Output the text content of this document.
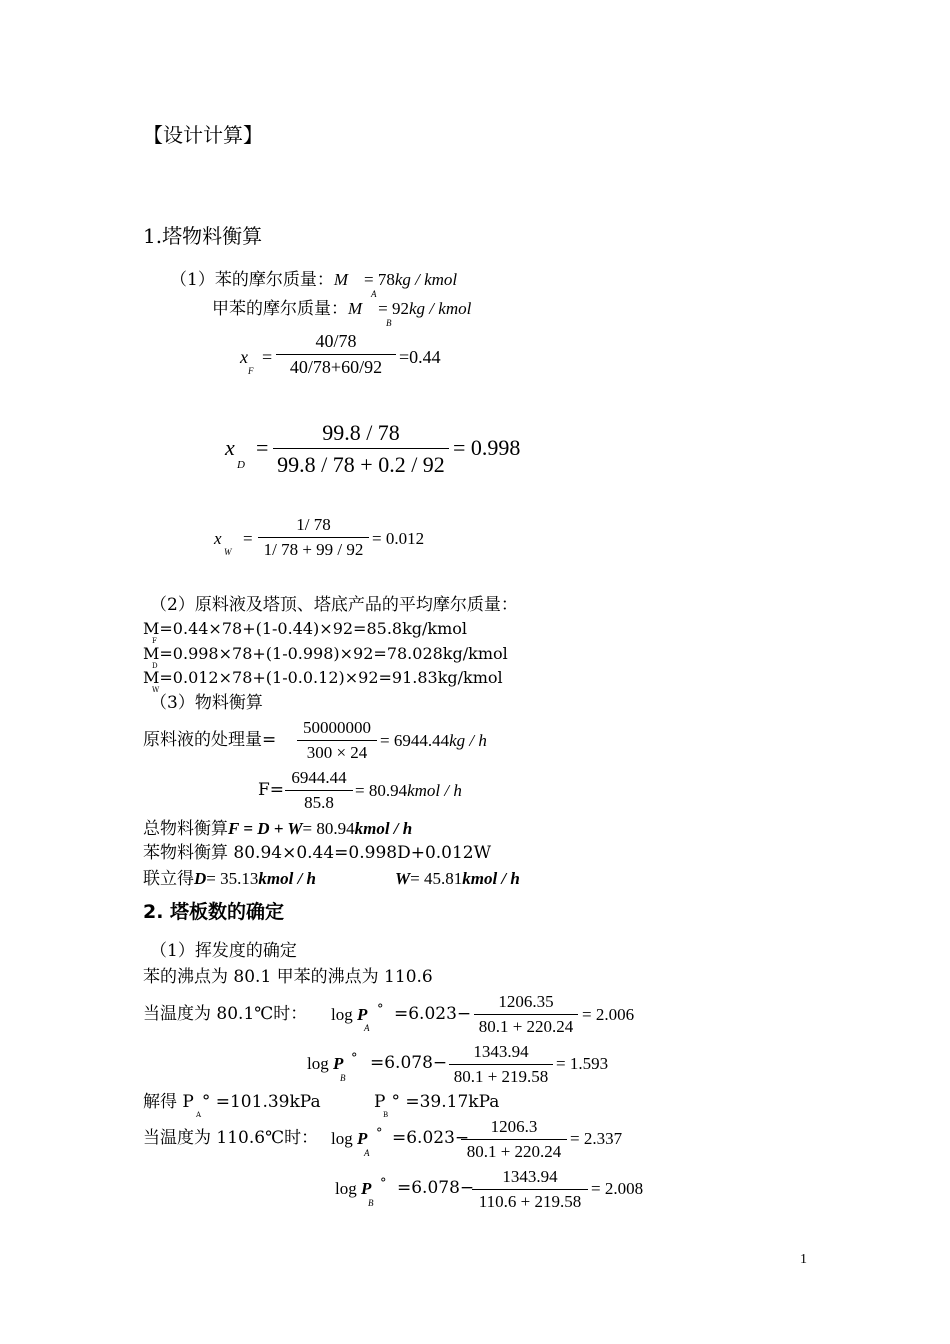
【设计计算】
1.塔物料衡算
（1）苯的摩尔质量：M = 78kg / kmol
A
甲苯的摩尔质量：M = 92kg / kmol
B
x
F
=
40/78
40/78+60/92 =0.44
x
D
=
99.8 / 78
99.8 / 78 + 0.2 / 92
= 0.998
x
W
=
1/ 78
1/ 78 + 99 / 92
= 0.012
（2）原料液及塔顶、塔底产品的平均摩尔质量：
M=0.44×78+(1-0.44)×92=85.8kg/kmol
F
M=0.998×78+(1-0.998)×92=78.028kg/kmol
D
M=0.012×78+(1-0.0.12)×92=91.83kg/kmol
W
（3）物料衡算
原料液的处理量=
50000000
300 × 24
= 6944.44kg / h
F=
6944.44
85.8
= 80.94kmol / h
总物料衡算F = D + W= 80.94kmol / h
苯物料衡算 80.94×0.44=0.998D+0.012W
联立得D= 35.13kmol / h	W= 45.81kmol / h
2. 塔板数的确定
（1）挥发度的确定
苯的沸点为 80.1 甲苯的沸点为 110.6
当温度为 80.1℃时： log P
A
° =6.023−
1206.35
80.1 + 220.24
= 2.006
log P
B
° =6.078−
1343.94
80.1 + 219.58
= 1.593
解得 P ° =101.39kPa
A
P ° =39.17kPa
B
当温度为 110.6℃时： log P
A
° =6.023−
1206.3
80.1 + 220.24
= 2.337
log P
B
° =6.078−
1343.94
110.6 + 219.58
= 2.008
1
